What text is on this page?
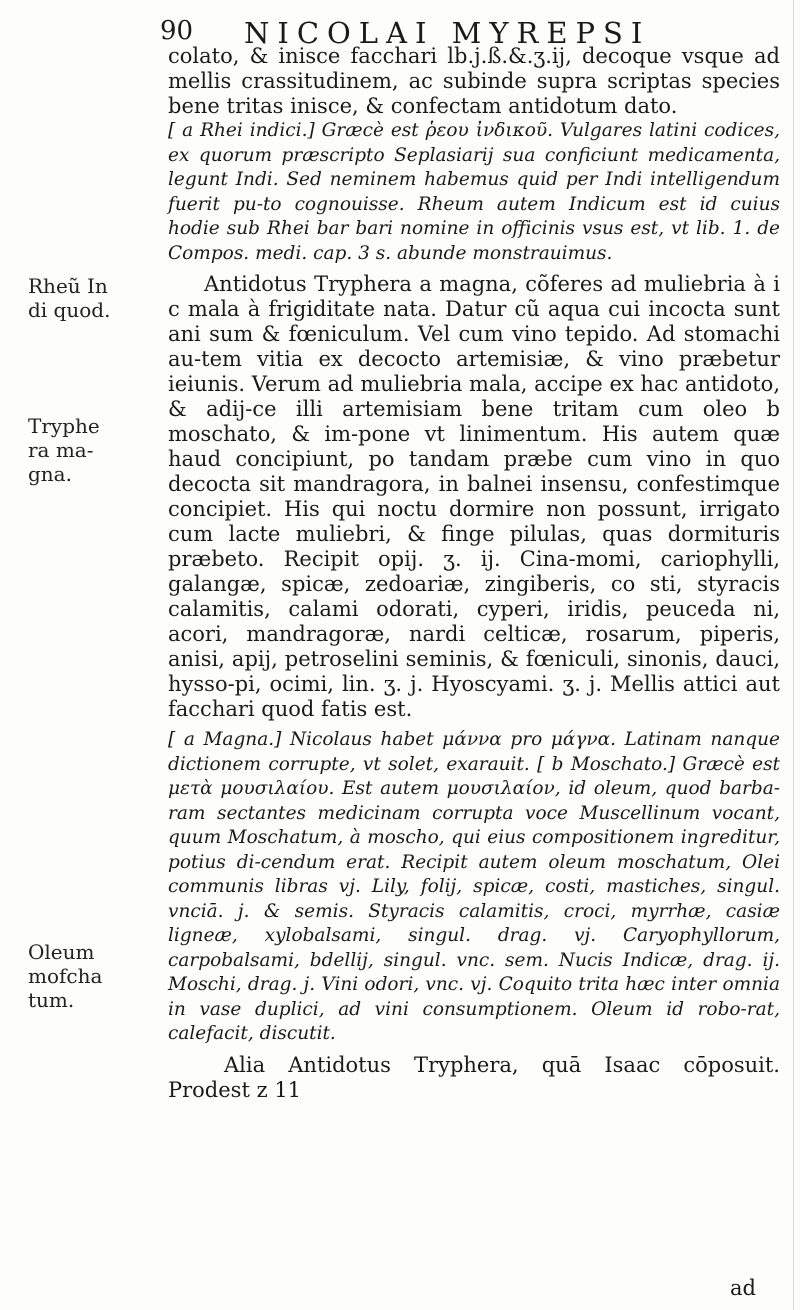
90 NICOLAI MYREPSI
Rheũ In
di quod.
Tryphe
ra ma-
gna.
Oleum
mofcha
tum.

colato, & inisce facchari lb.j.ß.&.ʒ.ij, decoque vsque ad mellis crassitudinem, ac subinde supra scriptas species bene tritas inisce, & confectam antidotum dato.

[ a Rhei indici.] Græcè est ῥεου ἰνδικοῦ. Vulgares latini codices, ex quorum præscripto Seplasiarij sua conficiunt medicamenta, legunt Indi. Sed neminem habemus quid per Indi intelligendum fuerit pu-to cognouisse. Rheum autem Indicum est id cuius hodie sub Rhei bar bari nomine in officinis vsus est, vt lib. 1. de Compos. medi. cap. 3 s. abunde monstrauimus.

Antidotus Tryphera a magna, cõferes ad muliebria à i c mala à frigiditate nata. Datur cũ aqua cui incocta sunt ani sum & fœniculum. Vel cum vino tepido. Ad stomachi au-tem vitia ex decocto artemisiæ, & vino præbetur ieiunis. Verum ad muliebria mala, accipe ex hac antidoto, & adij-ce illi artemisiam bene tritam cum oleo b moschato, & im-pone vt linimentum. His autem quæ haud concipiunt, po tandam præbe cum vino in quo decocta sit mandragora, in balnei insensu, confestimque concipiet. His qui noctu dormire non possunt, irrigato cum lacte muliebri, & finge pilulas, quas dormituris præbeto. Recipit opij. ʒ. ij. Cina-momi, cariophylli, galangæ, spicæ, zedoariæ, zingiberis, co sti, styracis calamitis, calami odorati, cyperi, iridis, peuceda ni, acori, mandragoræ, nardi celticæ, rosarum, piperis, anisi, apij, petroselini seminis, & fœniculi, sinonis, dauci, hysso-pi, ocimi, lin. ʒ. j. Hyoscyami. ʒ. j. Mellis attici aut facchari quod fatis est.

[ a Magna.] Nicolaus habet μάννα pro μάγνα. Latinam nanque dictionem corrupte, vt solet, exarauit. [ b Moschato.] Græcè est μετὰ μουσιλαίου. Est autem μουσιλαίον, id oleum, quod barba-ram sectantes medicinam corrupta voce Muscellinum vocant, quum Moschatum, à moscho, qui eius compositionem ingreditur, potius di-cendum erat. Recipit autem oleum moschatum, Olei communis libras vj. Lily, folij, spicæ, costi, mastiches, singul. vnciā. j. & semis. Styracis calamitis, croci, myrrhæ, casiæ ligneæ, xylobalsami, singul. drag. vj. Caryophyllorum, carpobalsami, bdellij, singul. vnc. sem. Nucis Indicæ, drag. ij. Moschi, drag. j. Vini odori, vnc. vj. Coquito trita hæc inter omnia in vase duplici, ad vini consumptionem. Oleum id robo-rat, calefacit, discutit.

Alia Antidotus Tryphera, quā Isaac cōposuit. Prodest z 11

ad
